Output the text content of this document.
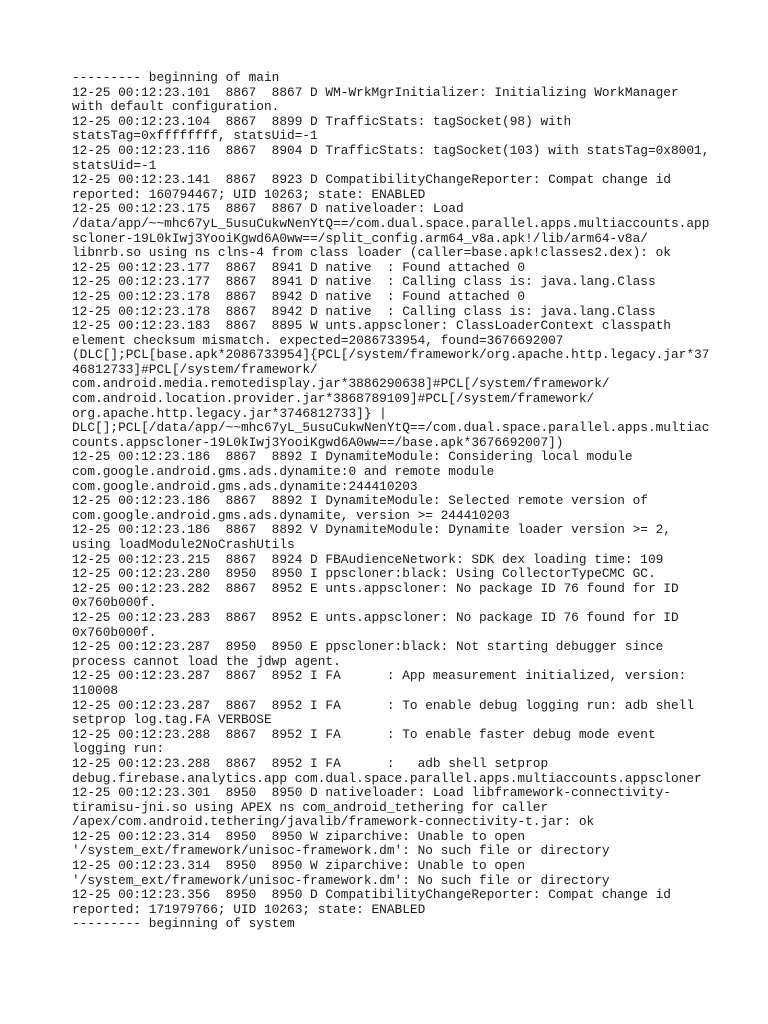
--------- beginning of main
12-25 00:12:23.101  8867  8867 D WM-WrkMgrInitializer: Initializing WorkManager
with default configuration.
12-25 00:12:23.104  8867  8899 D TrafficStats: tagSocket(98) with
statsTag=0xffffffff, statsUid=-1
12-25 00:12:23.116  8867  8904 D TrafficStats: tagSocket(103) with statsTag=0x8001,
statsUid=-1
12-25 00:12:23.141  8867  8923 D CompatibilityChangeReporter: Compat change id
reported: 160794467; UID 10263; state: ENABLED
12-25 00:12:23.175  8867  8867 D nativeloader: Load
/data/app/~~mhc67yL_5usuCukwNenYtQ==/com.dual.space.parallel.apps.multiaccounts.app
scloner-19L0kIwj3YooiKgwd6A0ww==/split_config.arm64_v8a.apk!/lib/arm64-v8a/
libnrb.so using ns clns-4 from class loader (caller=base.apk!classes2.dex): ok
12-25 00:12:23.177  8867  8941 D native  : Found attached 0
12-25 00:12:23.177  8867  8941 D native  : Calling class is: java.lang.Class
12-25 00:12:23.178  8867  8942 D native  : Found attached 0
12-25 00:12:23.178  8867  8942 D native  : Calling class is: java.lang.Class
12-25 00:12:23.183  8867  8895 W unts.appscloner: ClassLoaderContext classpath
element checksum mismatch. expected=2086733954, found=3676692007
(DLC[];PCL[base.apk*2086733954]{PCL[/system/framework/org.apache.http.legacy.jar*37
46812733]#PCL[/system/framework/
com.android.media.remotedisplay.jar*3886290638]#PCL[/system/framework/
com.android.location.provider.jar*3868789109]#PCL[/system/framework/
org.apache.http.legacy.jar*3746812733]} |
DLC[];PCL[/data/app/~~mhc67yL_5usuCukwNenYtQ==/com.dual.space.parallel.apps.multiac
counts.appscloner-19L0kIwj3YooiKgwd6A0ww==/base.apk*3676692007])
12-25 00:12:23.186  8867  8892 I DynamiteModule: Considering local module
com.google.android.gms.ads.dynamite:0 and remote module
com.google.android.gms.ads.dynamite:244410203
12-25 00:12:23.186  8867  8892 I DynamiteModule: Selected remote version of
com.google.android.gms.ads.dynamite, version >= 244410203
12-25 00:12:23.186  8867  8892 V DynamiteModule: Dynamite loader version >= 2,
using loadModule2NoCrashUtils
12-25 00:12:23.215  8867  8924 D FBAudienceNetwork: SDK dex loading time: 109
12-25 00:12:23.280  8950  8950 I ppscloner:black: Using CollectorTypeCMC GC.
12-25 00:12:23.282  8867  8952 E unts.appscloner: No package ID 76 found for ID
0x760b000f.
12-25 00:12:23.283  8867  8952 E unts.appscloner: No package ID 76 found for ID
0x760b000f.
12-25 00:12:23.287  8950  8950 E ppscloner:black: Not starting debugger since
process cannot load the jdwp agent.
12-25 00:12:23.287  8867  8952 I FA      : App measurement initialized, version:
110008
12-25 00:12:23.287  8867  8952 I FA      : To enable debug logging run: adb shell
setprop log.tag.FA VERBOSE
12-25 00:12:23.288  8867  8952 I FA      : To enable faster debug mode event
logging run:
12-25 00:12:23.288  8867  8952 I FA      :   adb shell setprop
debug.firebase.analytics.app com.dual.space.parallel.apps.multiaccounts.appscloner
12-25 00:12:23.301  8950  8950 D nativeloader: Load libframework-connectivity-
tiramisu-jni.so using APEX ns com_android_tethering for caller
/apex/com.android.tethering/javalib/framework-connectivity-t.jar: ok
12-25 00:12:23.314  8950  8950 W ziparchive: Unable to open
'/system_ext/framework/unisoc-framework.dm': No such file or directory
12-25 00:12:23.314  8950  8950 W ziparchive: Unable to open
'/system_ext/framework/unisoc-framework.dm': No such file or directory
12-25 00:12:23.356  8950  8950 D CompatibilityChangeReporter: Compat change id
reported: 171979766; UID 10263; state: ENABLED
--------- beginning of system
